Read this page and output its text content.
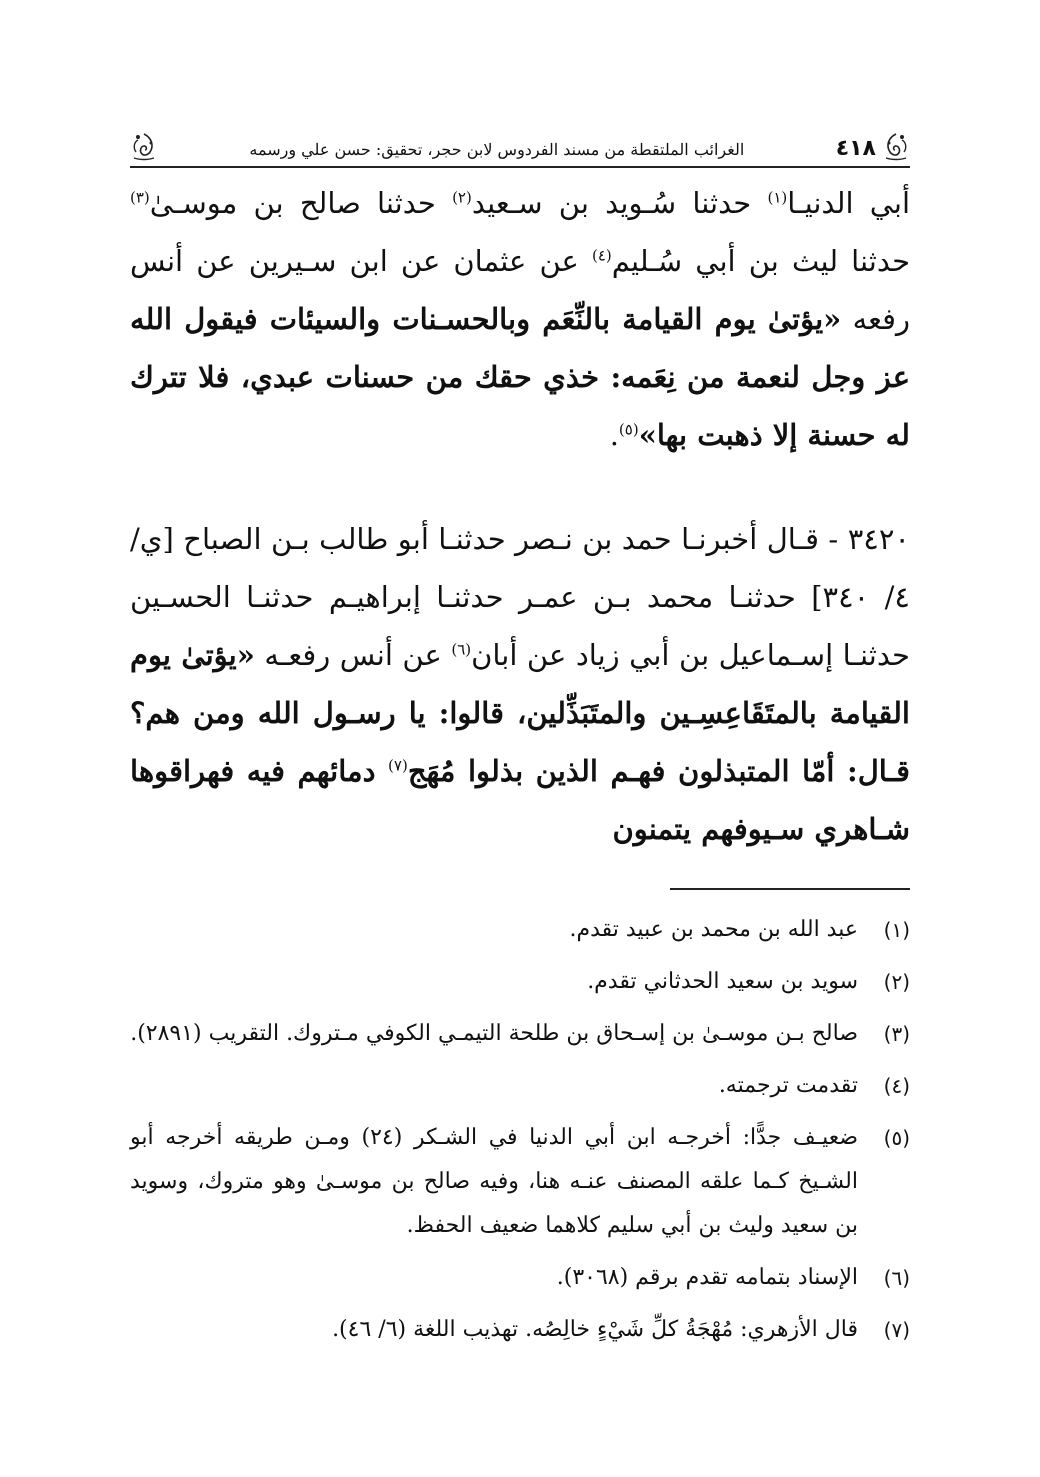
٤١٨
الغرائب الملتقطة من مسند الفردوس لابن حجر، تحقيق: حسن علي ورسمه

أبي الدنيـا$^{(١)}$ حدثنا سُـويد بن سـعيد$^{(٢)}$ حدثنا صالح بن موسـىٰ$^{(٣)}$ حدثنا ليث بن أبي سُـليم$^{(٤)}$ عن عثمان عن ابن سـيرين عن أنس رفعه «يؤتىٰ يوم القيامة بالنِّعَم وبالحسـنات والسيئات فيقول الله عز وجل لنعمة من نِعَمه: خذي حقك من حسنات عبدي، فلا تترك له حسنة إلا ذهبت بها»$^{(٥)}$.

٣٤٢٠ - قـال أخبرنـا حمد بن نـصر حدثنـا أبو طالب بـن الصباح [ي/ ٤/ ٣٤٠] حدثنـا محمد بـن عمـر حدثنـا إبراهيـم حدثنـا الحسـين حدثنـا إسـماعيل بن أبي زياد عن أبان$^{(٦)}$ عن أنس رفعـه «يؤتىٰ يوم القيامة بالمتَقَاعِسِـين والمتَبَذِّلين، قالوا: يا رسـول الله ومن هم؟ قـال: أمّا المتبذلون فهـم الذين بذلوا مُهَج$^{(٧)}$ دمائهم فيه فهراقوها شـاهري سـيوفهم يتمنون

(١)
عبد الله بن محمد بن عبيد تقدم.
(٢)
سويد بن سعيد الحدثاني تقدم.
(٣)
صالح بـن موسـىٰ بن إسـحاق بن طلحة التيمـي الكوفي مـتروك. التقريب (٢٨٩١).
(٤)
تقدمت ترجمته.
(٥)
ضعيـف جدًّا: أخرجـه ابن أبي الدنيا في الشـكر (٢٤) ومـن طريقه أخرجه أبو الشـيخ كـما علقه المصنف عنـه هنا، وفيه صالح بن موسـىٰ وهو متروك، وسويد بن سعيد وليث بن أبي سليم كلاهما ضعيف الحفظ.
(٦)
الإسناد بتمامه تقدم برقم (٣٠٦٨).
(٧)
قال الأزهري: مُهْجَةُ كلِّ شَيْءٍ خالِصُه. تهذيب اللغة (٦/ ٤٦).
